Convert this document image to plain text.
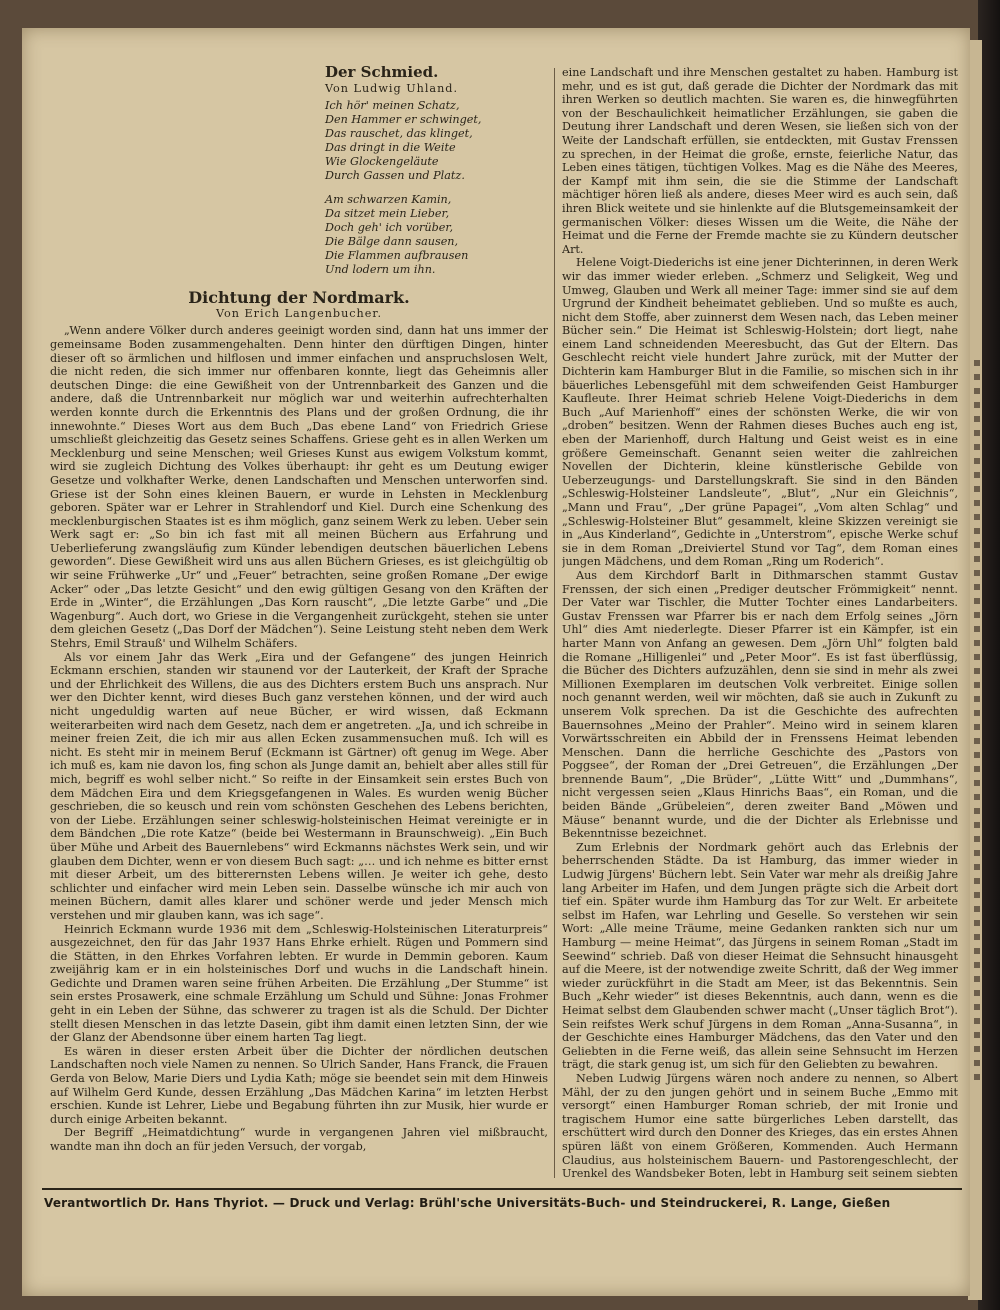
Der Schmied.
Von Ludwig Uhland.
Ich hör' meinen Schatz,
Den Hammer er schwinget,
Das rauschet, das klinget,
Das dringt in die Weite
Wie Glockengeläute
Durch Gassen und Platz.
Am schwarzen Kamin,
Da sitzet mein Lieber,
Doch geh' ich vorüber,
Die Bälge dann sausen,
Die Flammen aufbrausen
Und lodern um ihn.
Dichtung der Nordmark.
Von Erich Langenbucher.

„Wenn andere Völker durch anderes geeinigt worden sind, dann hat uns immer der gemeinsame Boden zusammengehalten. Denn hinter den dürftigen Dingen, hinter dieser oft so ärmlichen und hilflosen und immer einfachen und anspruchslosen Welt, die nicht reden, die sich immer nur offenbaren konnte, liegt das Geheimnis aller deutschen Dinge: die eine Gewißheit von der Untrennbarkeit des Ganzen und die andere, daß die Untrennbarkeit nur möglich war und weiterhin aufrechterhalten werden konnte durch die Erkenntnis des Plans und der großen Ordnung, die ihr innewohnte.“ Dieses Wort aus dem Buch „Das ebene Land“ von Friedrich Griese umschließt gleichzeitig das Gesetz seines Schaffens. Griese geht es in allen Werken um Mecklenburg und seine Menschen; weil Grieses Kunst aus ewigem Volkstum kommt, wird sie zugleich Dichtung des Volkes überhaupt: ihr geht es um Deutung ewiger Gesetze und volkhafter Werke, denen Landschaften und Menschen unterworfen sind. Griese ist der Sohn eines kleinen Bauern, er wurde in Lehsten in Mecklenburg geboren. Später war er Lehrer in Strahlendorf und Kiel. Durch eine Schenkung des mecklenburgischen Staates ist es ihm möglich, ganz seinem Werk zu leben. Ueber sein Werk sagt er: „So bin ich fast mit all meinen Büchern aus Erfahrung und Ueberlieferung zwangsläufig zum Künder lebendigen deutschen bäuerlichen Lebens geworden“. Diese Gewißheit wird uns aus allen Büchern Grieses, es ist gleichgültig ob wir seine Frühwerke „Ur“ und „Feuer“ betrachten, seine großen Romane „Der ewige Acker“ oder „Das letzte Gesicht“ und den ewig gültigen Gesang von den Kräften der Erde in „Winter“, die Erzählungen „Das Korn rauscht“, „Die letzte Garbe“ und „Die Wagenburg“. Auch dort, wo Griese in die Vergangenheit zurückgeht, stehen sie unter dem gleichen Gesetz („Das Dorf der Mädchen“). Seine Leistung steht neben dem Werk Stehrs, Emil Strauß' und Wilhelm Schäfers.

Als vor einem Jahr das Werk „Eira und der Gefangene“ des jungen Heinrich Eckmann erschien, standen wir staunend vor der Lauterkeit, der Kraft der Sprache und der Ehrlichkeit des Willens, die aus des Dichters erstem Buch uns ansprach. Nur wer den Dichter kennt, wird dieses Buch ganz verstehen können, und der wird auch nicht ungeduldig warten auf neue Bücher, er wird wissen, daß Eckmann weiterarbeiten wird nach dem Gesetz, nach dem er angetreten. „Ja, und ich schreibe in meiner freien Zeit, die ich mir aus allen Ecken zusammensuchen muß. Ich will es nicht. Es steht mir in meinem Beruf (Eckmann ist Gärtner) oft genug im Wege. Aber ich muß es, kam nie davon los, fing schon als Junge damit an, behielt aber alles still für mich, begriff es wohl selber nicht.“ So reifte in der Einsamkeit sein erstes Buch von dem Mädchen Eira und dem Kriegsgefangenen in Wales. Es wurden wenig Bücher geschrieben, die so keusch und rein vom schönsten Geschehen des Lebens berichten, von der Liebe. Erzählungen seiner schleswig-holsteinischen Heimat vereinigte er in dem Bändchen „Die rote Katze“ (beide bei Westermann in Braunschweig). „Ein Buch über Mühe und Arbeit des Bauernlebens“ wird Eckmanns nächstes Werk sein, und wir glauben dem Dichter, wenn er von diesem Buch sagt: „… und ich nehme es bitter ernst mit dieser Arbeit, um des bitterernsten Lebens willen. Je weiter ich gehe, desto schlichter und einfacher wird mein Leben sein. Dasselbe wünsche ich mir auch von meinen Büchern, damit alles klarer und schöner werde und jeder Mensch mich verstehen und mir glauben kann, was ich sage“.

Heinrich Eckmann wurde 1936 mit dem „Schleswig-Holsteinischen Literaturpreis“ ausgezeichnet, den für das Jahr 1937 Hans Ehrke erhielt. Rügen und Pommern sind die Stätten, in den Ehrkes Vorfahren lebten. Er wurde in Demmin geboren. Kaum zweijährig kam er in ein holsteinisches Dorf und wuchs in die Landschaft hinein. Gedichte und Dramen waren seine frühen Arbeiten. Die Erzählung „Der Stumme“ ist sein erstes Prosawerk, eine schmale Erzählung um Schuld und Sühne: Jonas Frohmer geht in ein Leben der Sühne, das schwerer zu tragen ist als die Schuld. Der Dichter stellt diesen Menschen in das letzte Dasein, gibt ihm damit einen letzten Sinn, der wie der Glanz der Abendsonne über einem harten Tag liegt.

Es wären in dieser ersten Arbeit über die Dichter der nördlichen deutschen Landschaften noch viele Namen zu nennen. So Ulrich Sander, Hans Franck, die Frauen Gerda von Below, Marie Diers und Lydia Kath; möge sie beendet sein mit dem Hinweis auf Wilhelm Gerd Kunde, dessen Erzählung „Das Mädchen Karina“ im letzten Herbst erschien. Kunde ist Lehrer, Liebe und Begabung führten ihn zur Musik, hier wurde er durch einige Arbeiten bekannt.

Der Begriff „Heimatdichtung“ wurde in vergangenen Jahren viel mißbraucht, wandte man ihn doch an für jeden Versuch, der vorgab,

eine Landschaft und ihre Menschen gestaltet zu haben. Hamburg ist mehr, und es ist gut, daß gerade die Dichter der Nordmark das mit ihren Werken so deutlich machten. Sie waren es, die hinwegführten von der Beschaulichkeit heimatlicher Erzählungen, sie gaben die Deutung ihrer Landschaft und deren Wesen, sie ließen sich von der Weite der Landschaft erfüllen, sie entdeckten, mit Gustav Frenssen zu sprechen, in der Heimat die große, ernste, feierliche Natur, das Leben eines tätigen, tüchtigen Volkes. Mag es die Nähe des Meeres, der Kampf mit ihm sein, die sie die Stimme der Landschaft mächtiger hören ließ als andere, dieses Meer wird es auch sein, daß ihren Blick weitete und sie hinlenkte auf die Blutsgemeinsamkeit der germanischen Völker: dieses Wissen um die Weite, die Nähe der Heimat und die Ferne der Fremde machte sie zu Kündern deutscher Art.

Helene Voigt-Diederichs ist eine jener Dichterinnen, in deren Werk wir das immer wieder erleben. „Schmerz und Seligkeit, Weg und Umweg, Glauben und Werk all meiner Tage: immer sind sie auf dem Urgrund der Kindheit beheimatet geblieben. Und so mußte es auch, nicht dem Stoffe, aber zuinnerst dem Wesen nach, das Leben meiner Bücher sein.“ Die Heimat ist Schleswig-Holstein; dort liegt, nahe einem Land schneidenden Meeresbucht, das Gut der Eltern. Das Geschlecht reicht viele hundert Jahre zurück, mit der Mutter der Dichterin kam Hamburger Blut in die Familie, so mischen sich in ihr bäuerliches Lebensgefühl mit dem schweifenden Geist Hamburger Kaufleute. Ihrer Heimat schrieb Helene Voigt-Diederichs in dem Buch „Auf Marienhoff“ eines der schönsten Werke, die wir von „droben“ besitzen. Wenn der Rahmen dieses Buches auch eng ist, eben der Marienhoff, durch Haltung und Geist weist es in eine größere Gemeinschaft. Genannt seien weiter die zahlreichen Novellen der Dichterin, kleine künstlerische Gebilde von Ueberzeugungs- und Darstellungskraft. Sie sind in den Bänden „Schleswig-Holsteiner Landsleute“, „Blut“, „Nur ein Gleichnis“, „Mann und Frau“, „Der grüne Papagei“, „Vom alten Schlag“ und „Schleswig-Holsteiner Blut“ gesammelt, kleine Skizzen vereinigt sie in „Aus Kinderland“, Gedichte in „Unterstrom“, epische Werke schuf sie in dem Roman „Dreiviertel Stund vor Tag“, dem Roman eines jungen Mädchens, und dem Roman „Ring um Roderich“.

Aus dem Kirchdorf Barlt in Dithmarschen stammt Gustav Frenssen, der sich einen „Prediger deutscher Frömmigkeit“ nennt. Der Vater war Tischler, die Mutter Tochter eines Landarbeiters. Gustav Frenssen war Pfarrer bis er nach dem Erfolg seines „Jörn Uhl“ dies Amt niederlegte. Dieser Pfarrer ist ein Kämpfer, ist ein harter Mann von Anfang an gewesen. Dem „Jörn Uhl“ folgten bald die Romane „Hilligenlei“ und „Peter Moor“. Es ist fast überflüssig, die Bücher des Dichters aufzuzählen, denn sie sind in mehr als zwei Millionen Exemplaren im deutschen Volk verbreitet. Einige sollen noch genannt werden, weil wir möchten, daß sie auch in Zukunft zu unserem Volk sprechen. Da ist die Geschichte des aufrechten Bauernsohnes „Meino der Prahler“. Meino wird in seinem klaren Vorwärtsschreiten ein Abbild der in Frenssens Heimat lebenden Menschen. Dann die herrliche Geschichte des „Pastors von Poggsee“, der Roman der „Drei Getreuen“, die Erzählungen „Der brennende Baum“, „Die Brüder“, „Lütte Witt“ und „Dummhans“, nicht vergessen seien „Klaus Hinrichs Baas“, ein Roman, und die beiden Bände „Grübeleien“, deren zweiter Band „Möwen und Mäuse“ benannt wurde, und die der Dichter als Erlebnisse und Bekenntnisse bezeichnet.

Zum Erlebnis der Nordmark gehört auch das Erlebnis der beherrschenden Städte. Da ist Hamburg, das immer wieder in Ludwig Jürgens' Büchern lebt. Sein Vater war mehr als dreißig Jahre lang Arbeiter im Hafen, und dem Jungen prägte sich die Arbeit dort tief ein. Später wurde ihm Hamburg das Tor zur Welt. Er arbeitete selbst im Hafen, war Lehrling und Geselle. So verstehen wir sein Wort: „Alle meine Träume, meine Gedanken rankten sich nur um Hamburg — meine Heimat“, das Jürgens in seinem Roman „Stadt im Seewind“ schrieb. Daß von dieser Heimat die Sehnsucht hinausgeht auf die Meere, ist der notwendige zweite Schritt, daß der Weg immer wieder zurückführt in die Stadt am Meer, ist das Bekenntnis. Sein Buch „Kehr wieder“ ist dieses Bekenntnis, auch dann, wenn es die Heimat selbst dem Glaubenden schwer macht („Unser täglich Brot“). Sein reifstes Werk schuf Jürgens in dem Roman „Anna-Susanna“, in der Geschichte eines Hamburger Mädchens, das den Vater und den Geliebten in die Ferne weiß, das allein seine Sehnsucht im Herzen trägt, die stark genug ist, um sich für den Geliebten zu bewahren.

Neben Ludwig Jürgens wären noch andere zu nennen, so Albert Mähl, der zu den jungen gehört und in seinem Buche „Emmo mit versorgt“ einen Hamburger Roman schrieb, der mit Ironie und tragischem Humor eine satte bürgerliches Leben darstellt, das erschüttert wird durch den Donner des Krieges, das ein erstes Ahnen spüren läßt von einem Größeren, Kommenden. Auch Hermann Claudius, aus holsteinischem Bauern- und Pastorengeschlecht, der Urenkel des Wandsbeker Boten, lebt in Hamburg seit seinem siebten

Verantwortlich Dr. Hans Thyriot. — Druck und Verlag: Brühl'sche Universitäts-Buch- und Steindruckerei, R. Lange, Gießen
